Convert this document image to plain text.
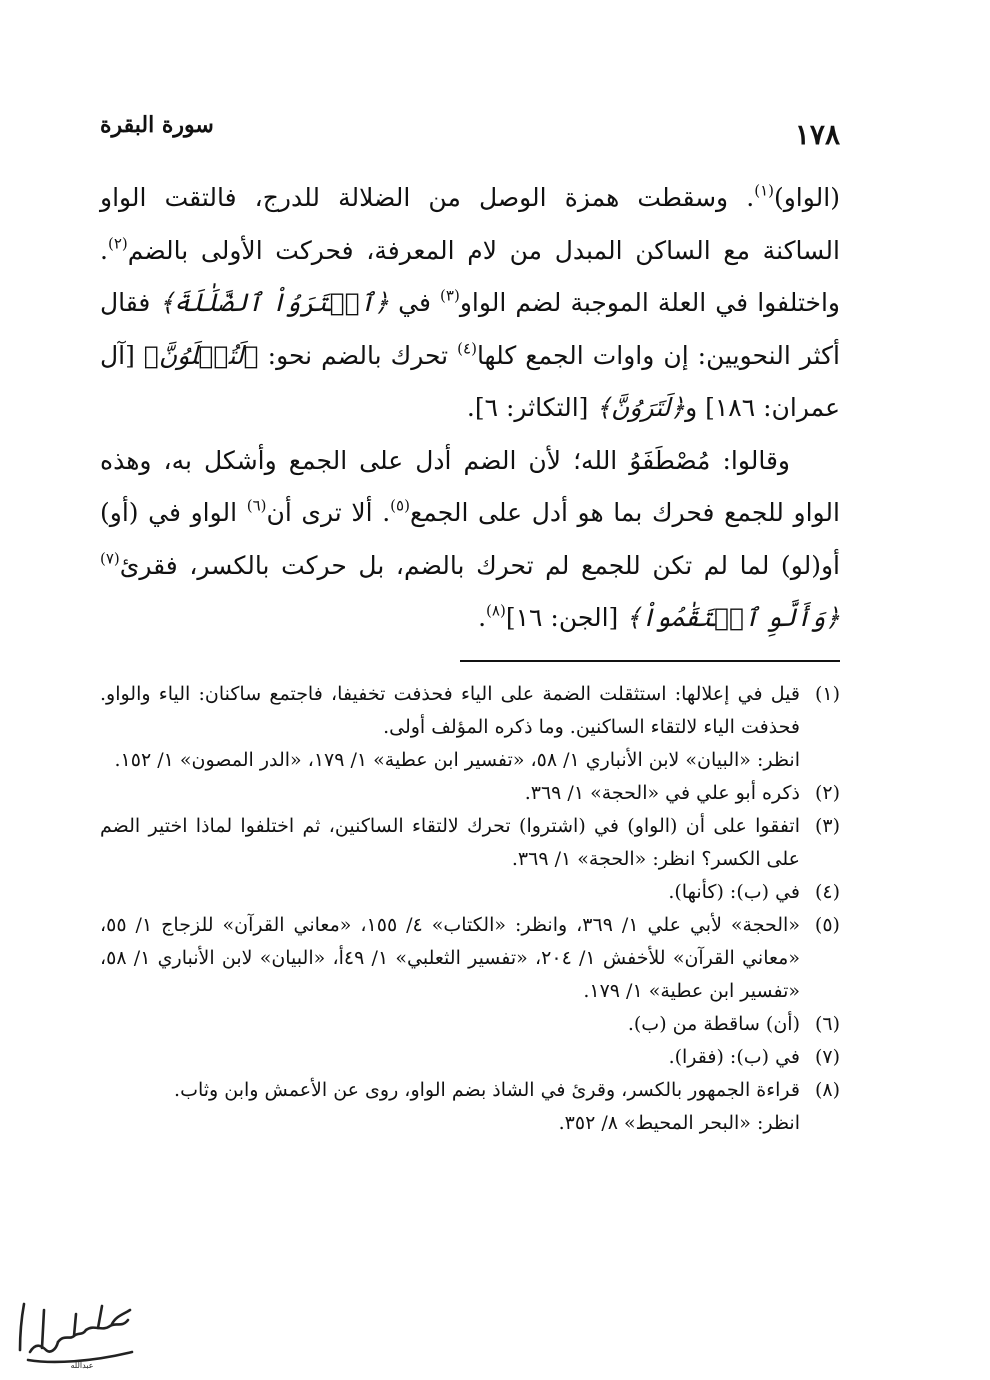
١٧٨
سورة البقرة

(الواو)$^{(١)}$. وسقطت همزة الوصل من الضلالة للدرج، فالتقت الواو الساكنة مع الساكن المبدل من لام المعرفة، فحركت الأولى بالضم$^{(٢)}$. واختلفوا في العلة الموجبة لضم الواو$^{(٣)}$ في ﴿ٱشۡتَرَوُاْ ٱلضَّلَٰلَةَ﴾ فقال أكثر النحويين: إن واوات الجمع كلها$^{(٤)}$ تحرك بالضم نحو: ﴿لَتُبۡلَوُنَّ﴾ [آل عمران: ١٨٦] و﴿لَتَرَوُنَّ﴾ [التكاثر: ٦].

وقالوا: مُصْطَفَوُ الله؛ لأن الضم أدل على الجمع وأشكل به، وهذه الواو للجمع فحرك بما هو أدل على الجمع$^{(٥)}$. ألا ترى أن$^{(٦)}$ الواو في (أو) أو(لو) لما لم تكن للجمع لم تحرك بالضم، بل حركت بالكسر، فقرئ$^{(٧)}$ ﴿وَأَلَّوِ ٱسۡتَقَٰمُواْ﴾ [الجن: ١٦]$^{(٨)}$.

(١)قيل في إعلالها: استثقلت الضمة على الياء فحذفت تخفيفا، فاجتمع ساكنان: الياء والواو. فحذفت الياء لالتقاء الساكنين. وما ذكره المؤلف أولى.
انظر: «البيان» لابن الأنباري ١/ ٥٨، «تفسير ابن عطية» ١/ ١٧٩، «الدر المصون» ١/ ١٥٢.

(٢)ذكره أبو علي في «الحجة» ١/ ٣٦٩.

(٣)اتفقوا على أن (الواو) في (اشتروا) تحرك لالتقاء الساكنين، ثم اختلفوا لماذا اختير الضم على الكسر؟ انظر: «الحجة» ١/ ٣٦٩.

(٤)في (ب): (كأنها).

(٥)«الحجة» لأبي علي ١/ ٣٦٩، وانظر: «الكتاب» ٤/ ١٥٥، «معاني القرآن» للزجاج ١/ ٥٥، «معاني القرآن» للأخفش ١/ ٢٠٤، «تفسير الثعلبي» ١/ ٤٩أ، «البيان» لابن الأنباري ١/ ٥٨، «تفسير ابن عطية» ١/ ١٧٩.

(٦)(أن) ساقطة من (ب).

(٧)في (ب): (فقرا).

(٨)قراءة الجمهور بالكسر، وقرئ في الشاذ بضم الواو، روى عن الأعمش وابن وثاب.
انظر: «البحر المحيط» ٨/ ٣٥٢.

عبدالله
